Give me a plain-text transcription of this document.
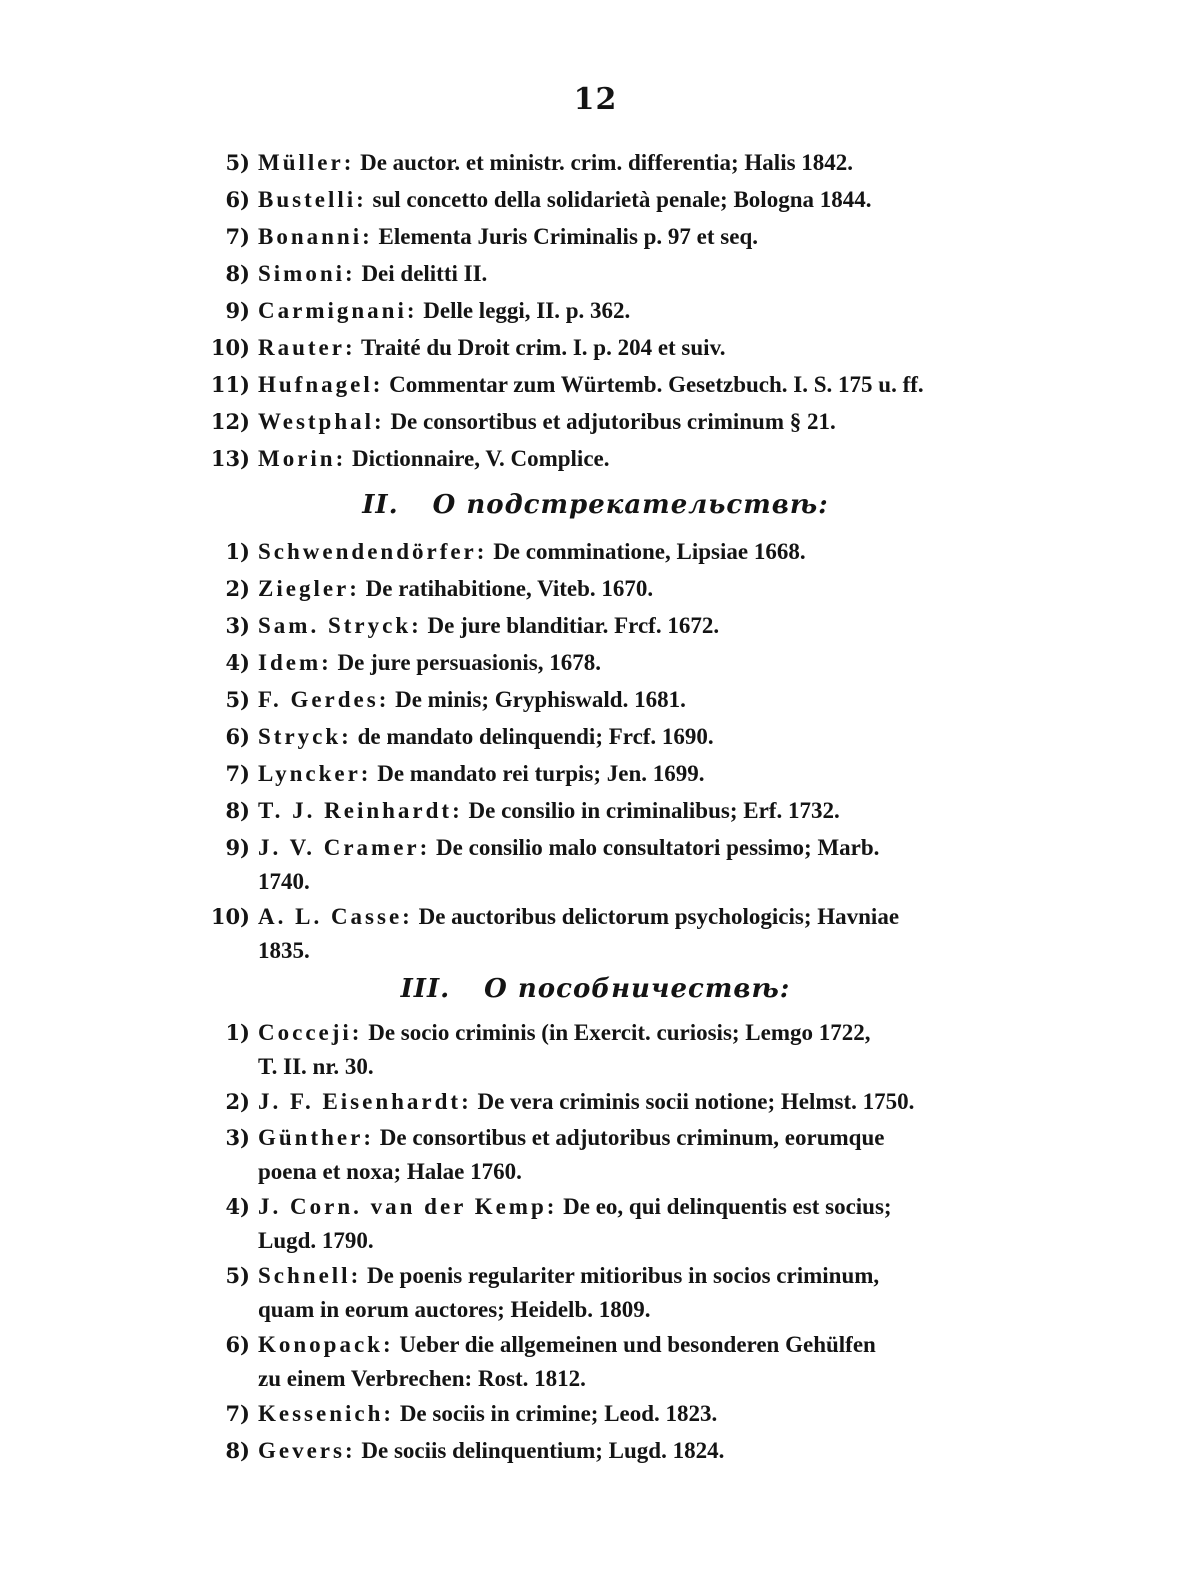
12
5) Müller: De auctor. et ministr. crim. differentia; Halis 1842.
6) Bustelli: sul concetto della solidarietà penale; Bologna 1844.
7) Bonanni: Elementa Juris Criminalis p. 97 et seq.
8) Simoni: Dei delitti II.
9) Carmignani: Delle leggi, II. p. 362.
10) Rauter: Traité du Droit crim. I. p. 204 et suiv.
11) Hufnagel: Commentar zum Würtemb. Gesetzbuch. I. S. 175 u. ff.
12) Westphal: De consortibus et adjutoribus criminum § 21.
13) Morin: Dictionnaire, V. Complice.
II. О подстрекательствѣ:
1) Schwendendörfer: De comminatione, Lipsiae 1668.
2) Ziegler: De ratihabitione, Viteb. 1670.
3) Sam. Stryck: De jure blanditiar. Frcf. 1672.
4) Idem: De jure persuasionis, 1678.
5) F. Gerdes: De minis; Gryphiswald. 1681.
6) Stryck: de mandato delinquendi; Frcf. 1690.
7) Lyncker: De mandato rei turpis; Jen. 1699.
8) T. J. Reinhardt: De consilio in criminalibus; Erf. 1732.
9) J. V. Cramer: De consilio malo consultatori pessimo; Marb.
1740.
10) A. L. Casse: De auctoribus delictorum psychologicis; Havniae
1835.
III. О пособничествѣ:
1) Cocceji: De socio criminis (in Exercit. curiosis; Lemgo 1722,
T. II. nr. 30.
2) J. F. Eisenhardt: De vera criminis socii notione; Helmst. 1750.
3) Günther: De consortibus et adjutoribus criminum, eorumque
poena et noxa; Halae 1760.
4) J. Corn. van der Kemp: De eo, qui delinquentis est socius;
Lugd. 1790.
5) Schnell: De poenis regulariter mitioribus in socios criminum,
quam in eorum auctores; Heidelb. 1809.
6) Konopack: Ueber die allgemeinen und besonderen Gehülfen
zu einem Verbrechen: Rost. 1812.
7) Kessenich: De sociis in crimine; Leod. 1823.
8) Gevers: De sociis delinquentium; Lugd. 1824.
